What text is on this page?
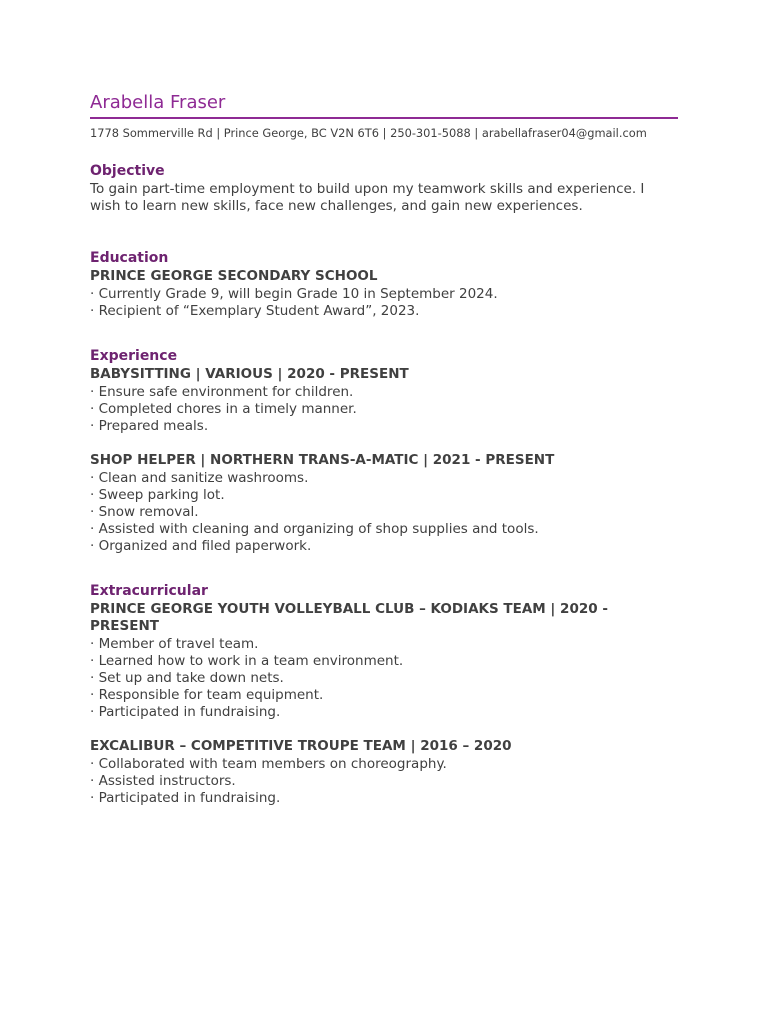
Arabella Fraser
1778 Sommerville Rd | Prince George, BC V2N 6T6 | 250-301-5088 | arabellafraser04@gmail.com
Objective

To gain part-time employment to build upon my teamwork skills and experience. I wish to learn new skills, face new challenges, and gain new experiences.

Education

PRINCE GEORGE SECONDARY SCHOOL

· Currently Grade 9, will begin Grade 10 in September 2024.
· Recipient of “Exemplary Student Award”, 2023.
Experience

BABYSITTING | VARIOUS | 2020 - PRESENT

· Ensure safe environment for children.
· Completed chores in a timely manner.
· Prepared meals.

SHOP HELPER | NORTHERN TRANS-A-MATIC | 2021 - PRESENT

· Clean and sanitize washrooms.
· Sweep parking lot.
· Snow removal.
· Assisted with cleaning and organizing of shop supplies and tools.
· Organized and filed paperwork.
Extracurricular

PRINCE GEORGE YOUTH VOLLEYBALL CLUB – KODIAKS TEAM | 2020 - PRESENT

· Member of travel team.
· Learned how to work in a team environment.
· Set up and take down nets.
· Responsible for team equipment.
· Participated in fundraising.

EXCALIBUR – COMPETITIVE TROUPE TEAM | 2016 – 2020

· Collaborated with team members on choreography.
· Assisted instructors.
· Participated in fundraising.
